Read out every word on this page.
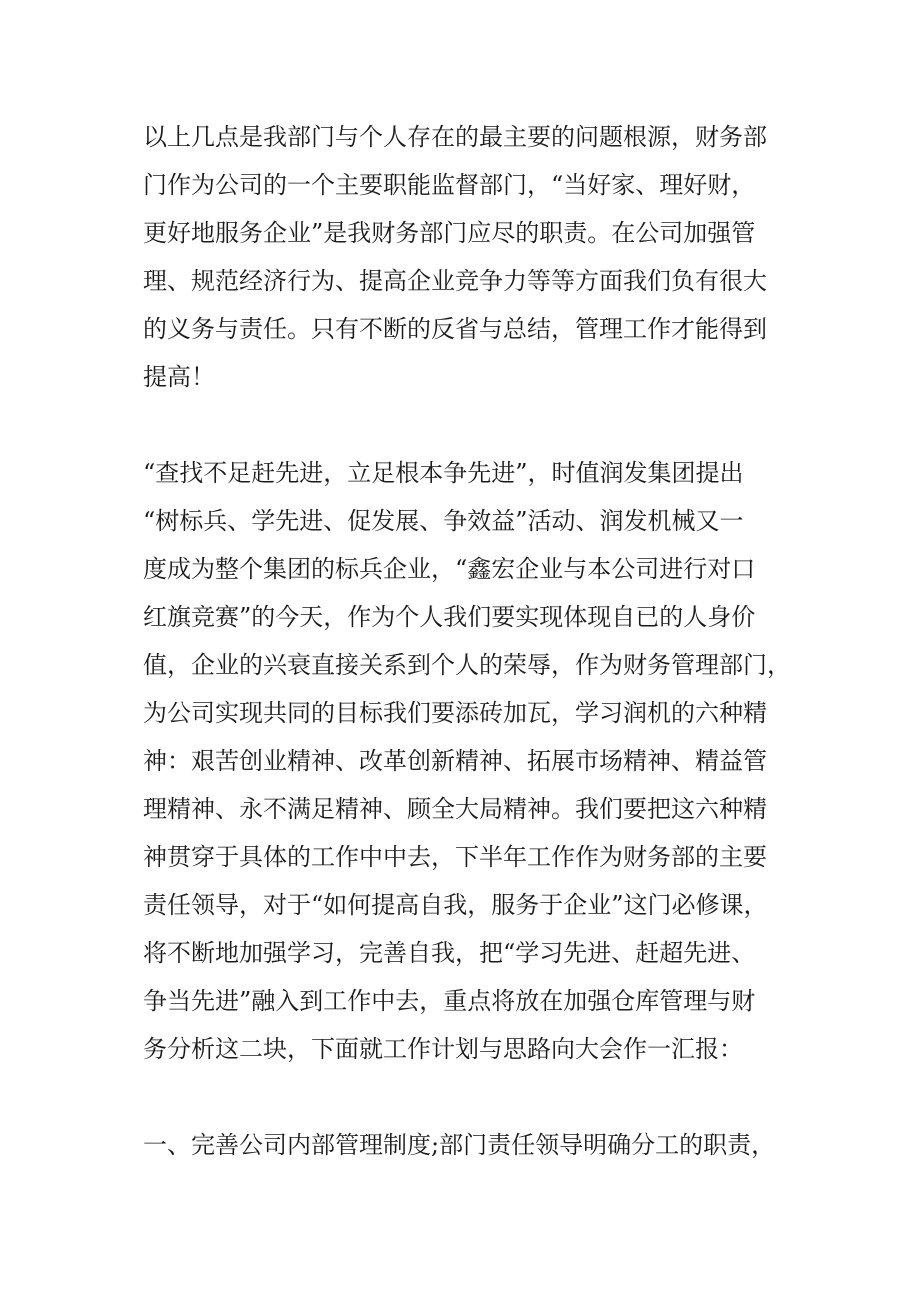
以上几点是我部门与个人存在的最主要的问题根源，财务部

门作为公司的一个主要职能监督部门，“当好家、理好财，

更好地服务企业”是我财务部门应尽的职责。在公司加强管

理、规范经济行为、提高企业竞争力等等方面我们负有很大

的义务与责任。只有不断的反省与总结，管理工作才能得到

提高！

“查找不足赶先进，立足根本争先进”，时值润发集团提出

“树标兵、学先进、促发展、争效益”活动、润发机械又一

度成为整个集团的标兵企业，“鑫宏企业与本公司进行对口

红旗竞赛”的今天，作为个人我们要实现体现自已的人身价

值，企业的兴衰直接关系到个人的荣辱，作为财务管理部门，

为公司实现共同的目标我们要添砖加瓦，学习润机的六种精

神：艰苦创业精神、改革创新精神、拓展市场精神、精益管

理精神、永不满足精神、顾全大局精神。我们要把这六种精

神贯穿于具体的工作中中去，下半年工作作为财务部的主要

责任领导，对于“如何提高自我，服务于企业”这门必修课，

将不断地加强学习，完善自我，把“学习先进、赶超先进、

争当先进”融入到工作中去，重点将放在加强仓库管理与财

务分析这二块，下面就工作计划与思路向大会作一汇报：

一、完善公司内部管理制度;部门责任领导明确分工的职责，
